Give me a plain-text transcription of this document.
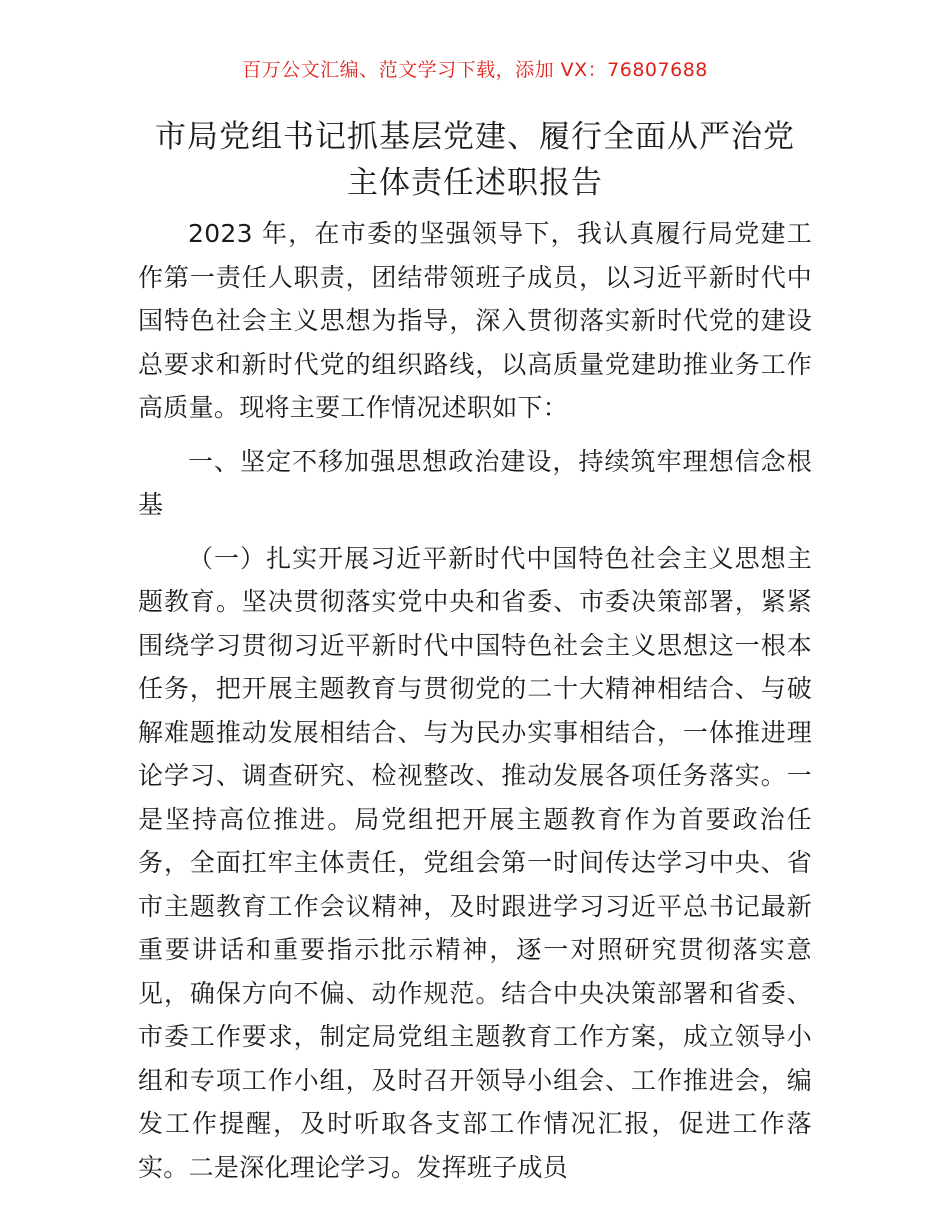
百万公文汇编、范文学习下载，添加 VX：76807688
市局党组书记抓基层党建、履行全面从严治党
主体责任述职报告

2023 年，在市委的坚强领导下，我认真履行局党建工作第一责任人职责，团结带领班子成员，以习近平新时代中国特色社会主义思想为指导，深入贯彻落实新时代党的建设总要求和新时代党的组织路线，以高质量党建助推业务工作高质量。现将主要工作情况述职如下：

一、坚定不移加强思想政治建设，持续筑牢理想信念根基

（一）扎实开展习近平新时代中国特色社会主义思想主题教育。坚决贯彻落实党中央和省委、市委决策部署，紧紧围绕学习贯彻习近平新时代中国特色社会主义思想这一根本任务，把开展主题教育与贯彻党的二十大精神相结合、与破解难题推动发展相结合、与为民办实事相结合，一体推进理论学习、调查研究、检视整改、推动发展各项任务落实。一是坚持高位推进。局党组把开展主题教育作为首要政治任务，全面扛牢主体责任，党组会第一时间传达学习中央、省市主题教育工作会议精神，及时跟进学习习近平总书记最新重要讲话和重要指示批示精神，逐一对照研究贯彻落实意见，确保方向不偏、动作规范。结合中央决策部署和省委、市委工作要求，制定局党组主题教育工作方案，成立领导小组和专项工作小组，及时召开领导小组会、工作推进会，编发工作提醒，及时听取各支部工作情况汇报，促进工作落实。二是深化理论学习。发挥班子成员
